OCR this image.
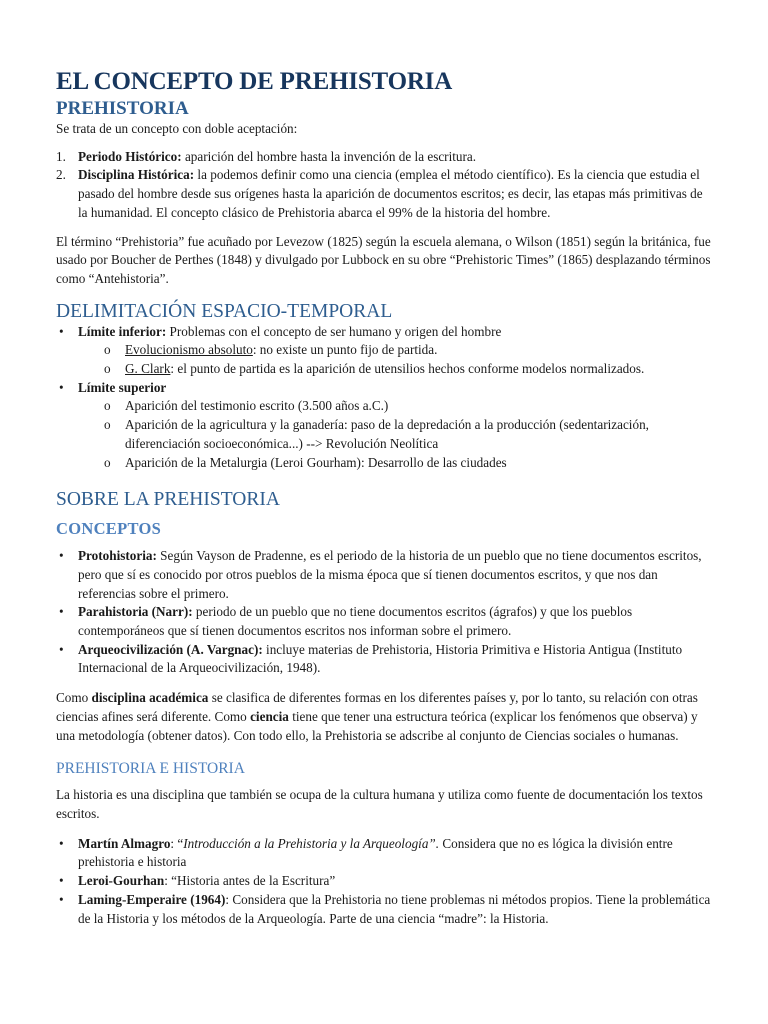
EL CONCEPTO DE PREHISTORIA
PREHISTORIA

Se trata de un concepto con doble aceptación:

1. Periodo Histórico: aparición del hombre hasta la invención de la escritura.
2. Disciplina Histórica: la podemos definir como una ciencia (emplea el método científico). Es la ciencia que estudia el pasado del hombre desde sus orígenes hasta la aparición de documentos escritos; es decir, las etapas más primitivas de la humanidad. El concepto clásico de Prehistoria abarca el 99% de la historia del hombre.

El término “Prehistoria” fue acuñado por Levezow (1825) según la escuela alemana, o Wilson (1851) según la británica, fue usado por Boucher de Perthes (1848) y divulgado por Lubbock en su obre “Prehistoric Times” (1865) desplazando términos como “Antehistoria”.

DELIMITACIÓN ESPACIO-TEMPORAL
• Límite inferior: Problemas con el concepto de ser humano y origen del hombre
o Evolucionismo absoluto: no existe un punto fijo de partida.
o G. Clark: el punto de partida es la aparición de utensilios hechos conforme modelos normalizados.
• Límite superior
o Aparición del testimonio escrito (3.500 años a.C.)
o Aparición de la agricultura y la ganadería: paso de la depredación a la producción (sedentarización, diferenciación socioeconómica...) --> Revolución Neolítica
o Aparición de la Metalurgia (Leroi Gourham): Desarrollo de las ciudades
SOBRE LA PREHISTORIA
CONCEPTOS
• Protohistoria: Según Vayson de Pradenne, es el periodo de la historia de un pueblo que no tiene documentos escritos, pero que sí es conocido por otros pueblos de la misma época que sí tienen documentos escritos, y que nos dan referencias sobre el primero.
• Parahistoria (Narr): periodo de un pueblo que no tiene documentos escritos (ágrafos) y que los pueblos contemporáneos que sí tienen documentos escritos nos informan sobre el primero.
• Arqueocivilización (A. Vargnac): incluye materias de Prehistoria, Historia Primitiva e Historia Antigua (Instituto Internacional de la Arqueocivilización, 1948).

Como disciplina académica se clasifica de diferentes formas en los diferentes países y, por lo tanto, su relación con otras ciencias afines será diferente. Como ciencia tiene que tener una estructura teórica (explicar los fenómenos que observa) y una metodología (obtener datos). Con todo ello, la Prehistoria se adscribe al conjunto de Ciencias sociales o humanas.

PREHISTORIA E HISTORIA

La historia es una disciplina que también se ocupa de la cultura humana y utiliza como fuente de documentación los textos escritos.

• Martín Almagro: “Introducción a la Prehistoria y la Arqueología”. Considera que no es lógica la división entre prehistoria e historia
• Leroi-Gourhan: “Historia antes de la Escritura”
• Laming-Emperaire (1964): Considera que la Prehistoria no tiene problemas ni métodos propios. Tiene la problemática de la Historia y los métodos de la Arqueología. Parte de una ciencia “madre”: la Historia.
